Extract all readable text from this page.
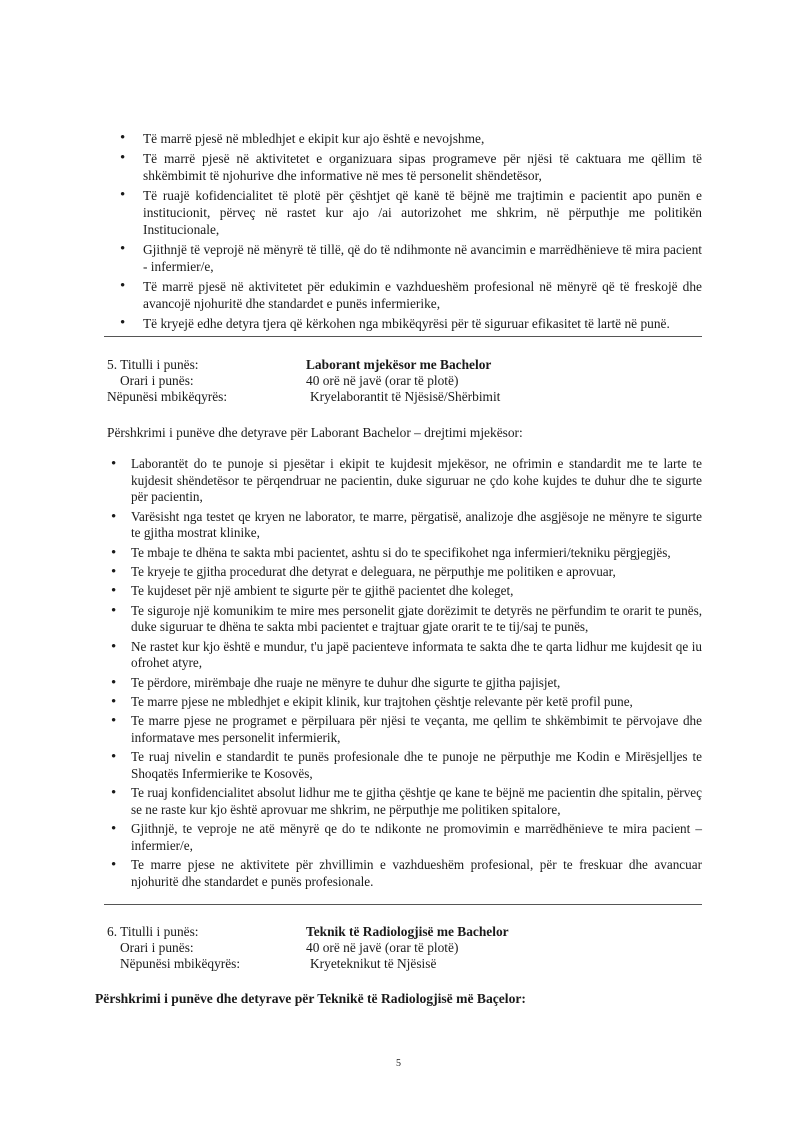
• Të marrë pjesë në mbledhjet e ekipit kur ajo është e nevojshme,
• Të marrë pjesë në aktivitetet e organizuara sipas programeve për njësi të caktuara me qëllim të shkëmbimit të njohurive dhe informative në mes të personelit shëndetësor,
• Të ruajë kofidencialitet të plotë për çështjet që kanë të bëjnë me trajtimin e pacientit apo punën e institucionit, përveç në rastet kur ajo /ai autorizohet me shkrim, në përputhje me politikën Institucionale,
• Gjithnjë të veprojë në mënyrë të tillë, që do të ndihmonte në avancimin e marrëdhënieve të mira pacient - infermier/e,
• Të marrë pjesë në aktivitetet për edukimin e vazhdueshëm profesional në mënyrë që të freskojë dhe avancojë njohuritë dhe standardet e punës infermierike,
• Të kryejë edhe detyra tjera që kërkohen nga mbikëqyrësi për të siguruar efikasitet të lartë në punë.
5. Titulli i punës:	Laborant mjekësor me Bachelor
Orari i punës:	40 orë në javë (orar të plotë)
Nëpunësi mbikëqyrës:	Kryelaborantit të Njësisë/Shërbimit
Përshkrimi i punëve dhe detyrave për Laborant Bachelor – drejtimi mjekësor:
• Laborantët do te punoje si pjesëtar i ekipit te kujdesit mjekësor, ne ofrimin e standardit me te larte te kujdesit shëndetësor te përqendruar ne pacientin, duke siguruar ne çdo kohe kujdes te duhur dhe te sigurte për pacientin,
• Varësisht nga testet qe kryen ne laborator, te marre, përgatisë, analizoje dhe asgjësoje ne mënyre te sigurte te gjitha mostrat klinike,
• Te mbaje te dhëna te sakta mbi pacientet, ashtu si do te specifikohet nga infermieri/tekniku përgjegjës,
• Te kryeje te gjitha procedurat dhe detyrat e deleguara, ne përputhje me politiken e aprovuar,
• Te kujdeset për një ambient te sigurte për te gjithë pacientet dhe koleget,
• Te siguroje një komunikim te mire mes personelit gjate dorëzimit te detyrës ne përfundim te orarit te punës, duke siguruar te dhëna te sakta mbi pacientet e trajtuar gjate orarit te te tij/saj te punës,
• Ne rastet kur kjo është e mundur, t'u japë pacienteve informata te sakta dhe te qarta lidhur me kujdesit qe iu ofrohet atyre,
• Te përdore, mirëmbaje dhe ruaje ne mënyre te duhur dhe sigurte te gjitha pajisjet,
• Te marre pjese ne mbledhjet e ekipit klinik, kur trajtohen çështje relevante për ketë profil pune,
• Te marre pjese ne programet e përpiluara për njësi te veçanta, me qellim te shkëmbimit te përvojave dhe informatave mes personelit infermierik,
• Te ruaj nivelin e standardit te punës profesionale dhe te punoje ne përputhje me Kodin e Mirësjelljes te Shoqatës Infermierike te Kosovës,
• Te ruaj konfidencialitet absolut lidhur me te gjitha çështje qe kane te bëjnë me pacientin dhe spitalin, përveç se ne raste kur kjo është aprovuar me shkrim, ne përputhje me politiken spitalore,
• Gjithnjë, te veproje ne atë mënyrë qe do te ndikonte ne promovimin e marrëdhënieve te mira pacient –infermier/e,
• Te marre pjese ne aktivitete për zhvillimin e vazhdueshëm profesional, për te freskuar dhe avancuar njohuritë dhe standardet e punës profesionale.
6. Titulli i punës:	Teknik të Radiologjisë me Bachelor
Orari i punës:	40 orë në javë (orar të plotë)
Nëpunësi mbikëqyrës:	Kryeteknikut të Njësisë
Përshkrimi i punëve dhe detyrave për Teknikë të Radiologjisë më Baçelor:
5
